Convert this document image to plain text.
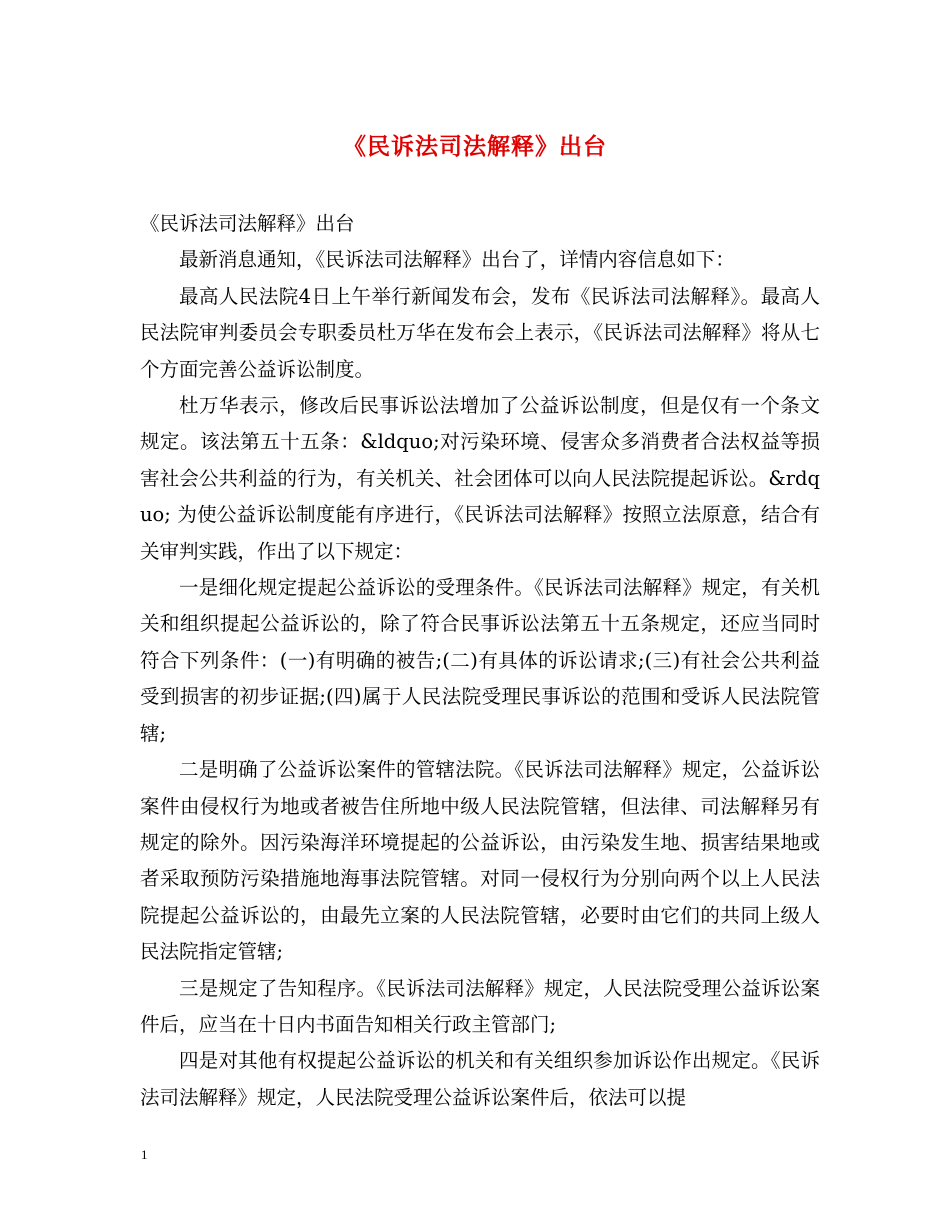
《民诉法司法解释》出台

《民诉法司法解释》出台

最新消息通知，《民诉法司法解释》出台了，详情内容信息如下：

最高人民法院4日上午举行新闻发布会，发布《民诉法司法解释》。最高人民法院审判委员会专职委员杜万华在发布会上表示，《民诉法司法解释》将从七个方面完善公益诉讼制度。

杜万华表示，修改后民事诉讼法增加了公益诉讼制度，但是仅有一个条文规定。该法第五十五条：&ldquo;对污染环境、侵害众多消费者合法权益等损害社会公共利益的行为，有关机关、社会团体可以向人民法院提起诉讼。&rdquo; 为使公益诉讼制度能有序进行，《民诉法司法解释》按照立法原意，结合有关审判实践，作出了以下规定：

一是细化规定提起公益诉讼的受理条件。《民诉法司法解释》规定，有关机关和组织提起公益诉讼的，除了符合民事诉讼法第五十五条规定，还应当同时符合下列条件：(一)有明确的被告;(二)有具体的诉讼请求;(三)有社会公共利益受到损害的初步证据;(四)属于人民法院受理民事诉讼的范围和受诉人民法院管辖;

二是明确了公益诉讼案件的管辖法院。《民诉法司法解释》规定，公益诉讼案件由侵权行为地或者被告住所地中级人民法院管辖，但法律、司法解释另有规定的除外。因污染海洋环境提起的公益诉讼，由污染发生地、损害结果地或者采取预防污染措施地海事法院管辖。对同一侵权行为分别向两个以上人民法院提起公益诉讼的，由最先立案的人民法院管辖，必要时由它们的共同上级人民法院指定管辖;

三是规定了告知程序。《民诉法司法解释》规定，人民法院受理公益诉讼案件后，应当在十日内书面告知相关行政主管部门;

四是对其他有权提起公益诉讼的机关和有关组织参加诉讼作出规定。《民诉法司法解释》规定，人民法院受理公益诉讼案件后，依法可以提

1
